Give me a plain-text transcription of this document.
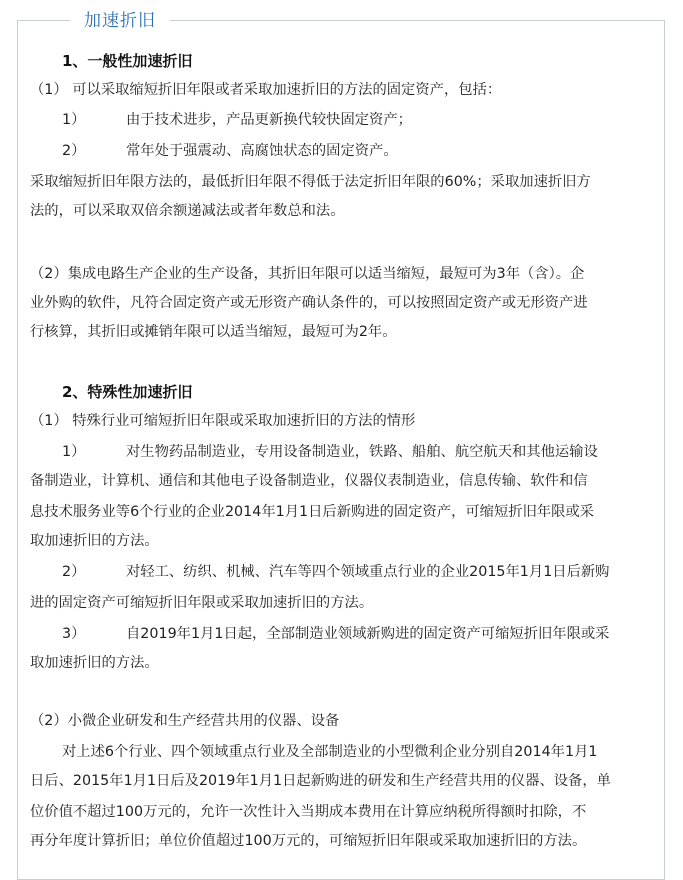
加速折旧
1、一般性加速折旧
（1） 可以采取缩短折旧年限或者采取加速折旧的方法的固定资产，包括：
1）	由于技术进步，产品更新换代较快固定资产；
2）	常年处于强震动、高腐蚀状态的固定资产。
采取缩短折旧年限方法的，最低折旧年限不得低于法定折旧年限的60%；采取加速折旧方
法的，可以采取双倍余额递减法或者年数总和法。
（2）集成电路生产企业的生产设备，其折旧年限可以适当缩短，最短可为3年（含）。企
业外购的软件，凡符合固定资产或无形资产确认条件的，可以按照固定资产或无形资产进
行核算，其折旧或摊销年限可以适当缩短，最短可为2年。
2、特殊性加速折旧
（1） 特殊行业可缩短折旧年限或采取加速折旧的方法的情形
1）	对生物药品制造业，专用设备制造业，铁路、船舶、航空航天和其他运输设
备制造业，计算机、通信和其他电子设备制造业，仪器仪表制造业，信息传输、软件和信
息技术服务业等6个行业的企业2014年1月1日后新购进的固定资产，可缩短折旧年限或采
取加速折旧的方法。
2）	对轻工、纺织、机械、汽车等四个领域重点行业的企业2015年1月1日后新购
进的固定资产可缩短折旧年限或采取加速折旧的方法。
3）	自2019年1月1日起，全部制造业领域新购进的固定资产可缩短折旧年限或采
取加速折旧的方法。
（2）小微企业研发和生产经营共用的仪器、设备
对上述6个行业、四个领域重点行业及全部制造业的小型微利企业分别自2014年1月1
日后、2015年1月1日后及2019年1月1日起新购进的研发和生产经营共用的仪器、设备，单
位价值不超过100万元的，允许一次性计入当期成本费用在计算应纳税所得额时扣除，不
再分年度计算折旧；单位价值超过100万元的，可缩短折旧年限或采取加速折旧的方法。
